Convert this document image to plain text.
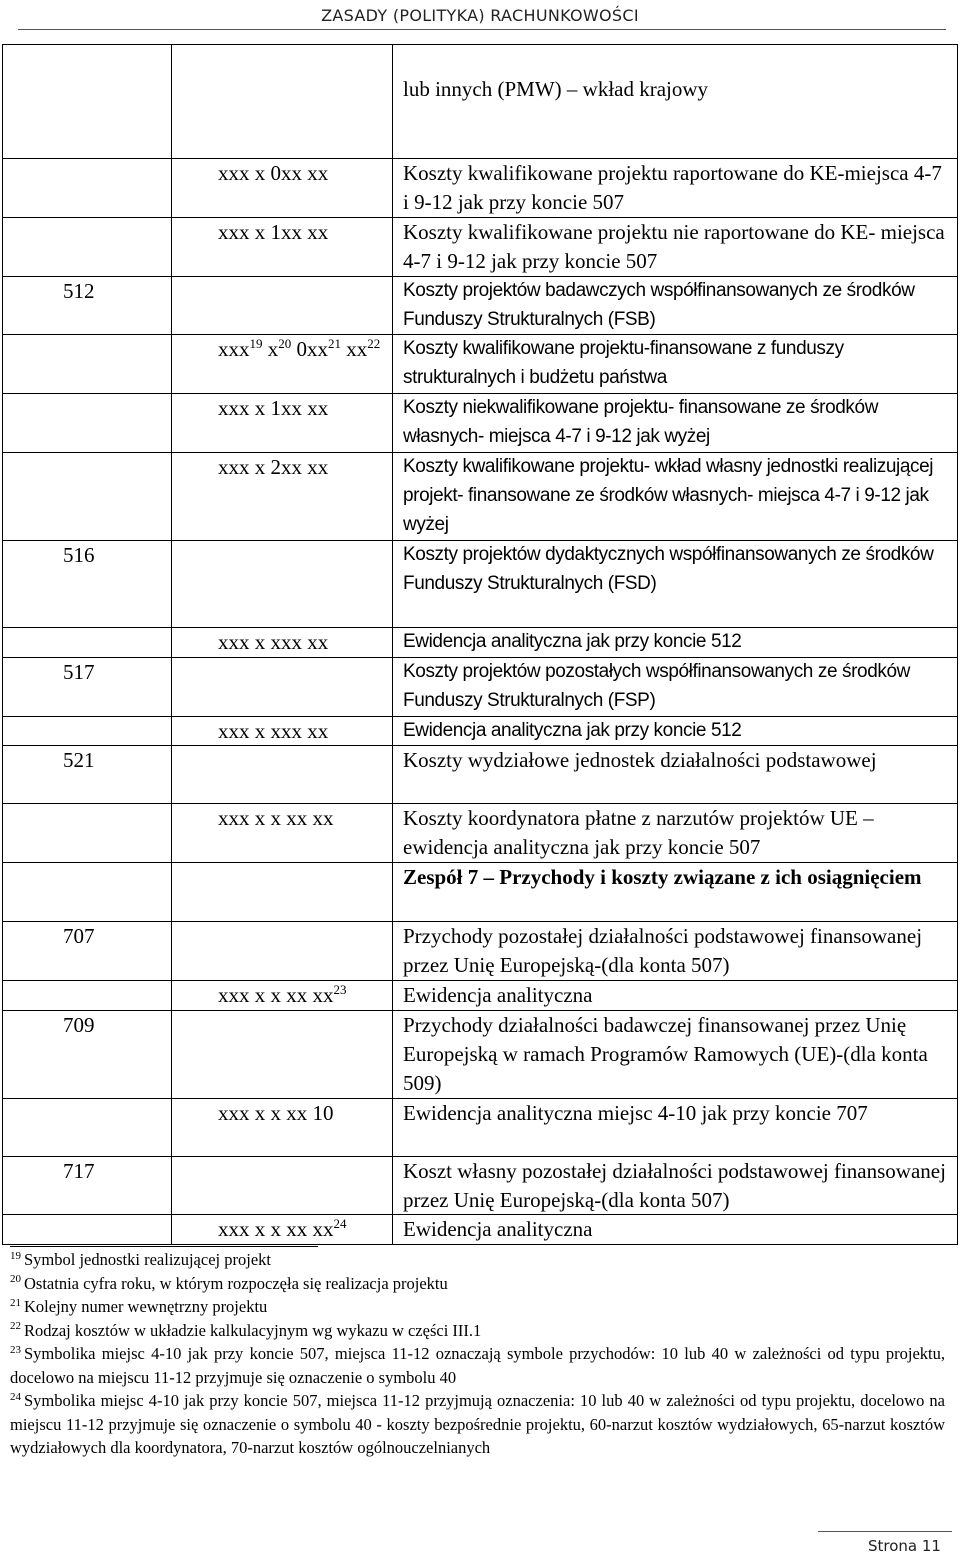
ZASADY (POLITYKA) RACHUNKOWOŚCI
		lub innych (PMW) – wkład krajowy
	xxx x 0xx xx	Koszty kwalifikowane projektu raportowane do KE-miejsca 4-7 i 9-12 jak przy koncie 507
	xxx x 1xx xx	Koszty kwalifikowane projektu nie raportowane do KE- miejsca 4-7 i 9-12 jak przy koncie 507
512		Koszty projektów badawczych współfinansowanych ze środków Funduszy Strukturalnych (FSB)
	xxx$^{19}$ $x^{20}$ $0xx^{21}$ $xx^{22}$	Koszty kwalifikowane projektu-finansowane z funduszy strukturalnych i budżetu państwa
	xxx x 1xx xx	Koszty niekwalifikowane projektu- finansowane ze środków własnych- miejsca 4-7 i 9-12 jak wyżej
	xxx x 2xx xx	Koszty kwalifikowane projektu- wkład własny jednostki realizującej projekt- finansowane ze środków własnych- miejsca 4-7 i 9-12 jak wyżej
516		Koszty projektów dydaktycznych współfinansowanych ze środków Funduszy Strukturalnych (FSD)
	xxx x xxx xx	Ewidencja analityczna jak przy koncie 512
517		Koszty projektów pozostałych współfinansowanych ze środków Funduszy Strukturalnych (FSP)
	xxx x xxx xx	Ewidencja analityczna jak przy koncie 512
521		Koszty wydziałowe jednostek działalności podstawowej
	xxx x x xx xx	Koszty koordynatora płatne z narzutów projektów UE –ewidencja analityczna jak przy koncie 507
		Zespół 7 – Przychody i koszty związane z ich osiągnięciem
707		Przychody pozostałej działalności podstawowej finansowanej przez Unię Europejską-(dla konta 507)
	xxx x x xx $xx^{23}$	Ewidencja analityczna
709		Przychody działalności badawczej finansowanej przez Unię Europejską w ramach Programów Ramowych (UE)-(dla konta 509)
	xxx x x xx 10	Ewidencja analityczna miejsc 4-10 jak przy koncie 707
717		Koszt własny pozostałej działalności podstawowej finansowanej przez Unię Europejską-(dla konta 507)
	xxx x x xx $xx^{24}$	Ewidencja analityczna
$^{19}$ Symbol jednostki realizującej projekt
$^{20}$ Ostatnia cyfra roku, w którym rozpoczęła się realizacja projektu
$^{21}$ Kolejny numer wewnętrzny projektu
$^{22}$ Rodzaj kosztów w układzie kalkulacyjnym wg wykazu w części III.1
$^{23}$ Symbolika miejsc 4-10 jak przy koncie 507, miejsca 11-12 oznaczają symbole przychodów: 10 lub 40 w zależności od typu projektu, docelowo na miejscu 11-12 przyjmuje się oznaczenie o symbolu 40
$^{24}$ Symbolika miejsc 4-10 jak przy koncie 507, miejsca 11-12 przyjmują oznaczenia: 10 lub 40 w zależności od typu projektu, docelowo na miejscu 11-12 przyjmuje się oznaczenie o symbolu 40 - koszty bezpośrednie projektu, 60-narzut kosztów wydziałowych, 65-narzut kosztów wydziałowych dla koordynatora, 70-narzut kosztów ogólnouczelnianych
Strona 11
